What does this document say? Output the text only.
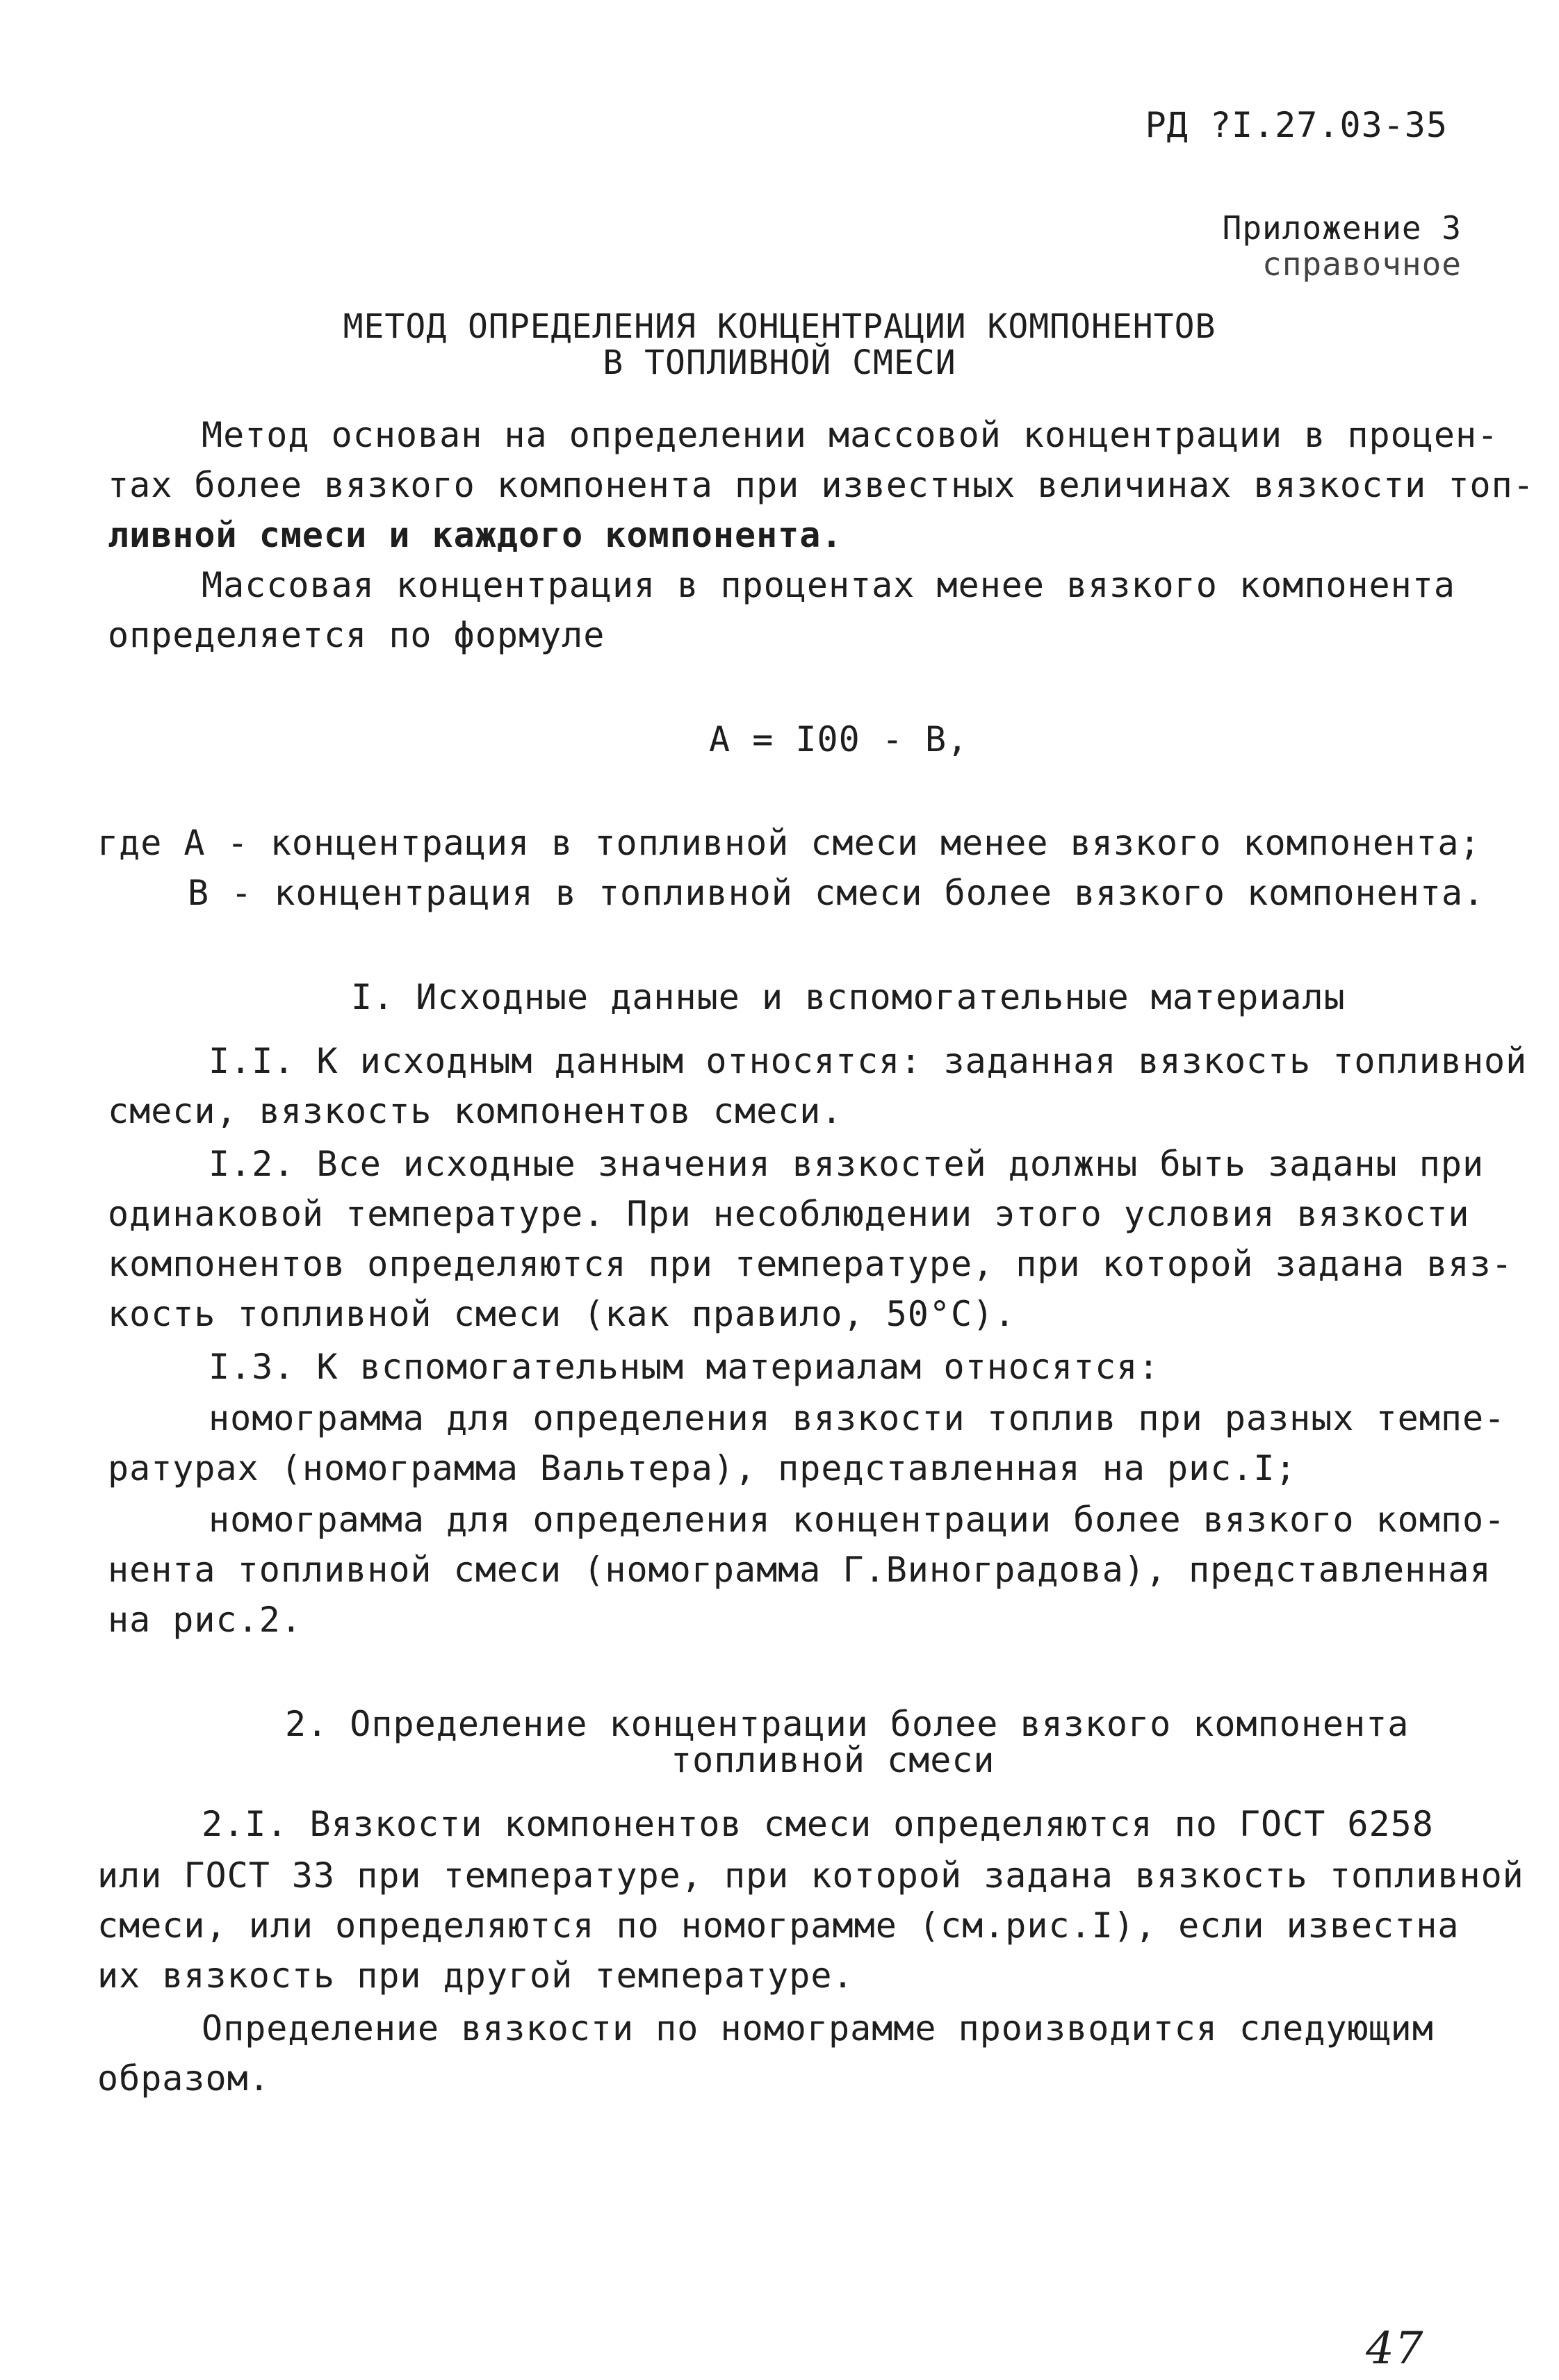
РД ?I.27.03-35
Приложение 3
справочное
МЕТОД ОПРЕДЕЛЕНИЯ КОНЦЕНТРАЦИИ КОМПОНЕНТОВ
В ТОПЛИВНОЙ СМЕСИ
Метод основан на определении массовой концентрации в процен-
тах более вязкого компонента при известных величинах вязкости топ-
ливной смеси и каждого компонента.
Массовая концентрация в процентах менее вязкого компонента
определяется по формуле
А = I00 - В,
где А - концентрация в топливной смеси менее вязкого компонента;
В - концентрация в топливной смеси более вязкого компонента.
I. Исходные данные и вспомогательные материалы
I.I. К исходным данным относятся: заданная вязкость топливной
смеси, вязкость компонентов смеси.
I.2. Все исходные значения вязкостей должны быть заданы при
одинаковой температуре. При несоблюдении этого условия вязкости
компонентов определяются при температуре, при которой задана вяз-
кость топливной смеси (как правило, 50°С).
I.3. К вспомогательным материалам относятся:
номограмма для определения вязкости топлив при разных темпе-
ратурах (номограмма Вальтера), представленная на рис.I;
номограмма для определения концентрации более вязкого компо-
нента топливной смеси (номограмма Г.Виноградова), представленная
на рис.2.
2. Определение концентрации более вязкого компонента
топливной смеси
2.I. Вязкости компонентов смеси определяются по ГОСТ 6258
или ГОСТ 33 при температуре, при которой задана вязкость топливной
смеси, или определяются по номограмме (см.рис.I), если известна
их вязкость при другой температуре.
Определение вязкости по номограмме производится следующим
образом.
47
